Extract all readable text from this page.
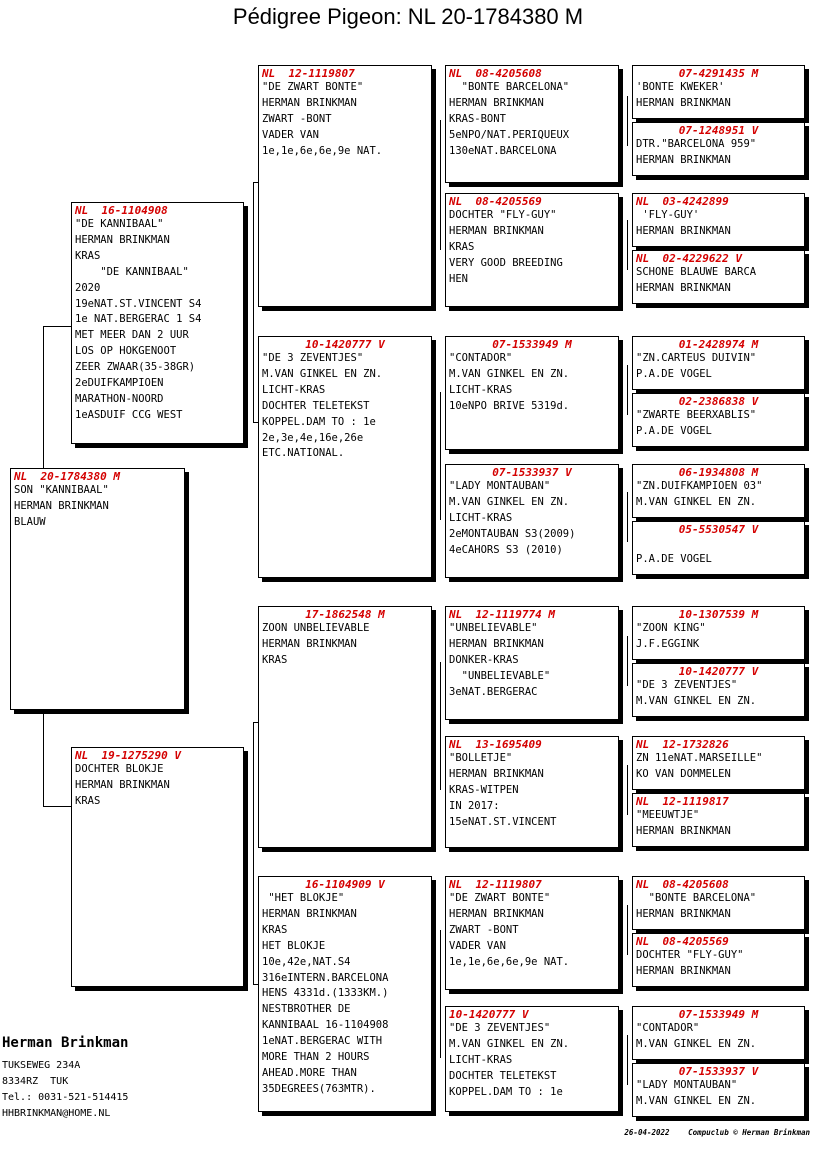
Pédigree Pigeon: NL 20-1784380 M
NL  20-1784380 M
SON "KANNIBAAL"
HERMAN BRINKMAN
BLAUW
NL  16-1104908
"DE KANNIBAAL"
HERMAN BRINKMAN
KRAS
"DE KANNIBAAL"
2020
19eNAT.ST.VINCENT S4
1e NAT.BERGERAC 1 S4
MET MEER DAN 2 UUR
LOS OP HOKGENOOT
ZEER ZWAAR(35-38GR)
2eDUIFKAMPIOEN
MARATHON-NOORD
1eASDUIF CCG WEST
NL  19-1275290 V
DOCHTER BLOKJE
HERMAN BRINKMAN
KRAS
NL  12-1119807
"DE ZWART BONTE"
HERMAN BRINKMAN
ZWART -BONT
VADER VAN
1e,1e,6e,6e,9e NAT.
10-1420777 V
"DE 3 ZEVENTJES"
M.VAN GINKEL EN ZN.
LICHT-KRAS
DOCHTER TELETEKST
KOPPEL.DAM TO : 1e
2e,3e,4e,16e,26e
ETC.NATIONAL.
17-1862548 M
ZOON UNBELIEVABLE
HERMAN BRINKMAN
KRAS
16-1104909 V
"HET BLOKJE"
HERMAN BRINKMAN
KRAS
HET BLOKJE
10e,42e,NAT.S4
316eINTERN.BARCELONA
HENS 4331d.(1333KM.)
NESTBROTHER DE
KANNIBAAL 16-1104908
1eNAT.BERGERAC WITH
MORE THAN 2 HOURS
AHEAD.MORE THAN
35DEGREES(763MTR).
NL  08-4205608
"BONTE BARCELONA"
HERMAN BRINKMAN
KRAS-BONT
5eNPO/NAT.PERIQUEUX
130eNAT.BARCELONA
NL  08-4205569
DOCHTER "FLY-GUY"
HERMAN BRINKMAN
KRAS
VERY GOOD BREEDING
HEN
07-1533949 M
"CONTADOR"
M.VAN GINKEL EN ZN.
LICHT-KRAS
10eNPO BRIVE 5319d.
07-1533937 V
"LADY MONTAUBAN"
M.VAN GINKEL EN ZN.
LICHT-KRAS
2eMONTAUBAN S3(2009)
4eCAHORS S3 (2010)
NL  12-1119774 M
"UNBELIEVABLE"
HERMAN BRINKMAN
DONKER-KRAS
"UNBELIEVABLE"
3eNAT.BERGERAC
NL  13-1695409
"BOLLETJE"
HERMAN BRINKMAN
KRAS-WITPEN
IN 2017:
15eNAT.ST.VINCENT
NL  12-1119807
"DE ZWART BONTE"
HERMAN BRINKMAN
ZWART -BONT
VADER VAN
1e,1e,6e,6e,9e NAT.
10-1420777 V
"DE 3 ZEVENTJES"
M.VAN GINKEL EN ZN.
LICHT-KRAS
DOCHTER TELETEKST
KOPPEL.DAM TO : 1e
07-4291435 M
'BONTE KWEKER'
HERMAN BRINKMAN
07-1248951 V
DTR."BARCELONA 959"
HERMAN BRINKMAN
NL  03-4242899
'FLY-GUY'
HERMAN BRINKMAN
NL  02-4229622 V
SCHONE BLAUWE BARCA
HERMAN BRINKMAN
01-2428974 M
"ZN.CARTEUS DUIVIN"
P.A.DE VOGEL
02-2386838 V
"ZWARTE BEERXABLIS"
P.A.DE VOGEL
06-1934808 M
"ZN.DUIFKAMPIOEN 03"
M.VAN GINKEL EN ZN.
05-5530547 V

P.A.DE VOGEL
10-1307539 M
"ZOON KING"
J.F.EGGINK
10-1420777 V
"DE 3 ZEVENTJES"
M.VAN GINKEL EN ZN.
NL  12-1732826
ZN 11eNAT.MARSEILLE"
KO VAN DOMMELEN
NL  12-1119817
"MEEUWTJE"
HERMAN BRINKMAN
NL  08-4205608
"BONTE BARCELONA"
HERMAN BRINKMAN
NL  08-4205569
DOCHTER "FLY-GUY"
HERMAN BRINKMAN
07-1533949 M
"CONTADOR"
M.VAN GINKEL EN ZN.
07-1533937 V
"LADY MONTAUBAN"
M.VAN GINKEL EN ZN.
Herman Brinkman
TUKSEWEG 234A
8334RZ  TUK
Tel.: 0031-521-514415
HHBRINKMAN@HOME.NL
26-04-2022 Compuclub © Herman Brinkman
